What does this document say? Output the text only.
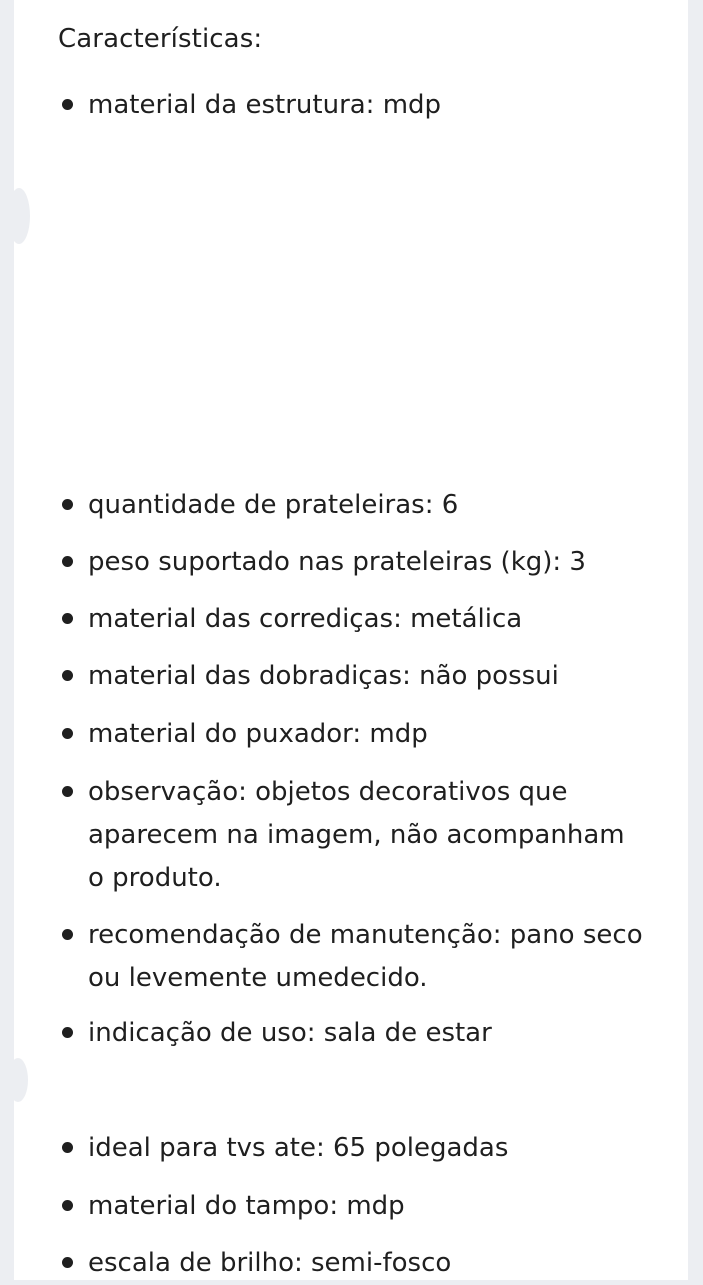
Características:
material da estrutura: mdp
quantidade de prateleiras: 6
peso suportado nas prateleiras (kg): 3
material das corrediças: metálica
material das dobradiças: não possui
material do puxador: mdp
observação: objetos decorativos que aparecem na imagem, não acompanham o produto.
recomendação de manutenção: pano seco ou levemente umedecido.
indicação de uso: sala de estar
ideal para tvs ate: 65 polegadas
material do tampo: mdp
escala de brilho: semi-fosco
